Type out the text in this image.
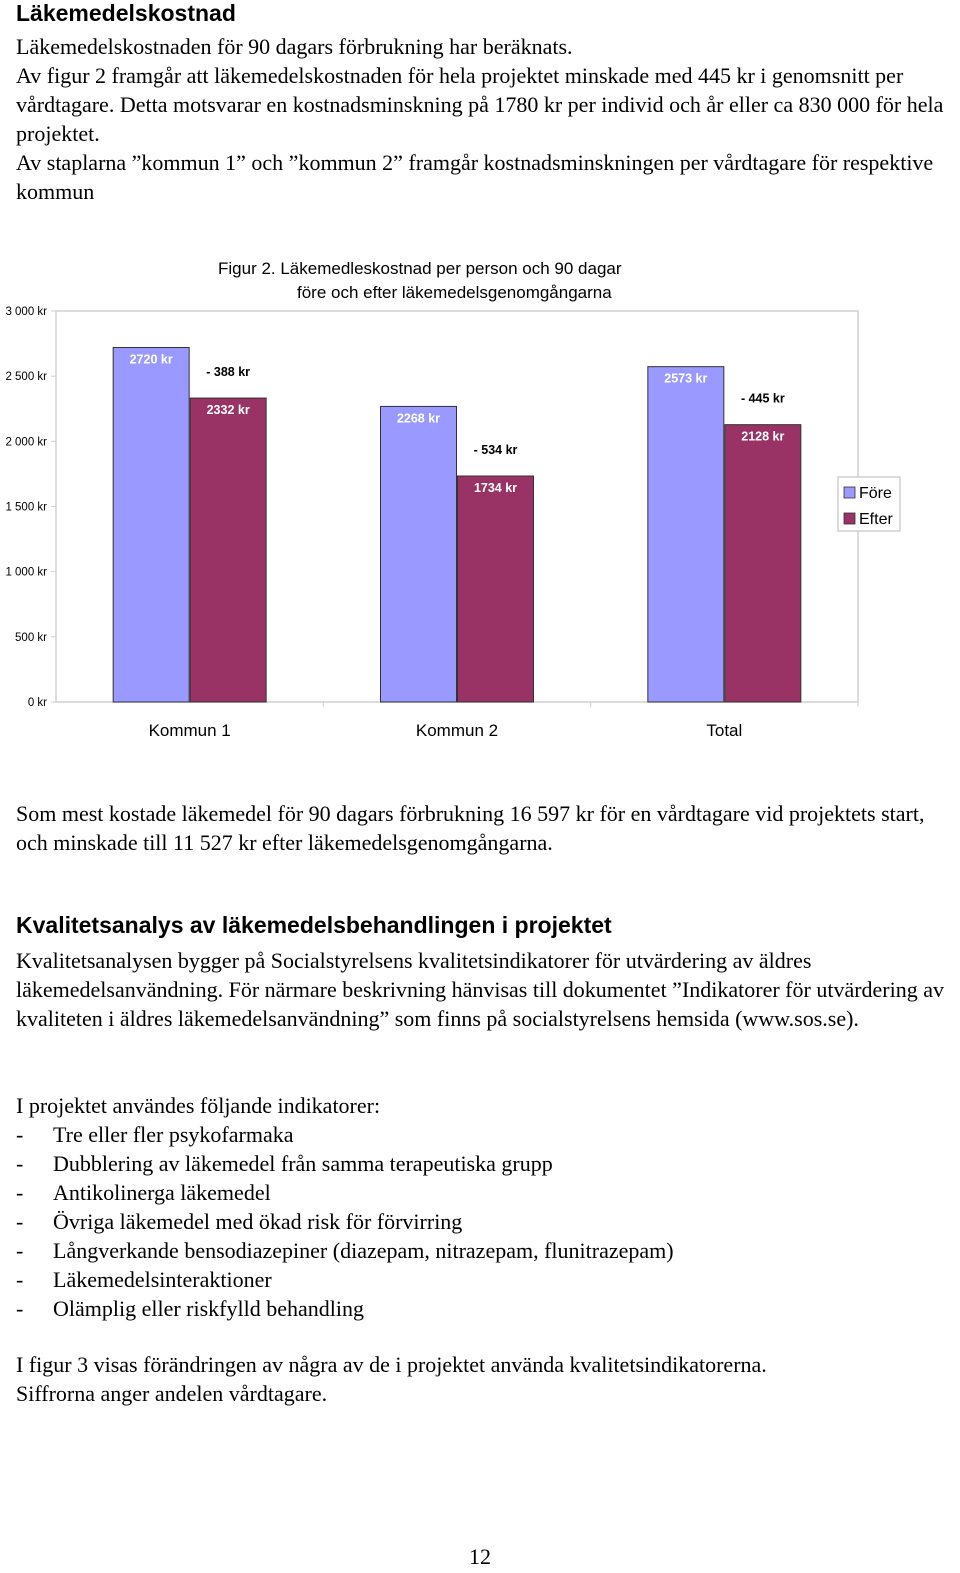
Läkemedelskostnad

Läkemedelskostnaden för 90 dagars förbrukning har beräknats.

Av figur 2 framgår att läkemedelskostnaden för hela projektet minskade med 445 kr i genomsnitt per vårdtagare. Detta motsvarar en kostnadsminskning på 1780 kr per individ och år eller ca 830 000 för hela projektet.

Av staplarna ”kommun 1” och ”kommun 2” framgår kostnadsminskningen per vårdtagare för respektive kommun

Figur 2. Läkemedleskostnad per person och 90 dagar
före och efter läkemedelsgenomgångarna
0 kr
500 kr
1 000 kr
1 500 kr
2 000 kr
2 500 kr
3 000 kr
2720 kr
2332 kr
- 388 kr
2268 kr
1734 kr
- 534 kr
2573 kr
2128 kr
- 445 kr
Kommun 1	Kommun 2	Total
Före
Efter

Som mest kostade läkemedel för 90 dagars förbrukning 16 597 kr för en vårdtagare vid projektets start, och minskade till 11 527 kr efter läkemedelsgenomgångarna.

Kvalitetsanalys av läkemedelsbehandlingen i projektet

Kvalitetsanalysen bygger på Socialstyrelsens kvalitetsindikatorer för utvärdering av äldres läkemedelsanvändning. För närmare beskrivning hänvisas till dokumentet ”Indikatorer för utvärdering av kvaliteten i äldres läkemedelsanvändning” som finns på socialstyrelsens hemsida (www.sos.se).

I projektet användes följande indikatorer:

- Tre eller fler psykofarmaka
- Dubblering av läkemedel från samma terapeutiska grupp
- Antikolinerga läkemedel
- Övriga läkemedel med ökad risk för förvirring
- Långverkande bensodiazepiner (diazepam, nitrazepam, flunitrazepam)
- Läkemedelsinteraktioner
- Olämplig eller riskfylld behandling

I figur 3 visas förändringen av några av de i projektet använda kvalitetsindikatorerna.

Siffrorna anger andelen vårdtagare.

12
